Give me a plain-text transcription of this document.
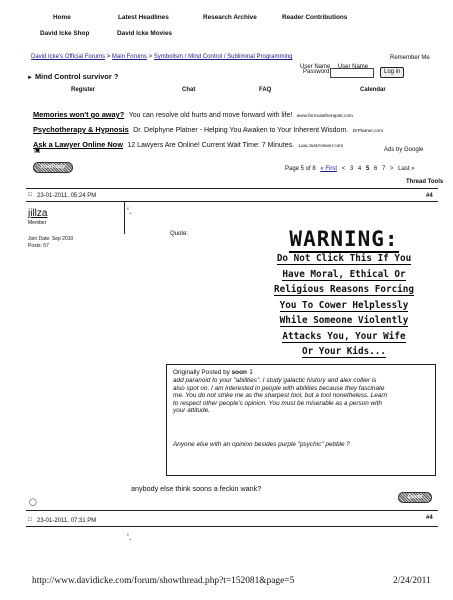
Home	Latest Headlines	Research Archive	Reader Contributions
David Icke Shop	David Icke Movies
David Icke's Official Forums > Main Forums > Symbolism / Mind Control / Subliminal Programming
► Mind Control survivor ?
User Name User Name
Remember Me
Password	Log in
Register	Chat	FAQ	Calendar
Memories won't go away? You can resolve old hurts and move forward with life! www.formulatherapist.com
Psychotherapy & Hypnosis Dr. Delphyne Platner - Helping You Awaken to Your Inherent Wisdom. DrPlatner.com
Ask a Lawyer Online Now 12 Lawyers Are Online! Current Wait Time: 7 Minutes. Law.JustAnswer.com
▣	Ads by Google
PostReply	Page 5 of 8 « First < 3 4 5 6 7 > Last »
Thread Tools
□ 23-01-2011, 05:24 PM	#4
jillza
Member
Join Date: Sep 2010
Posts: 57
‘.
Quote:	WARNING:
Do Not Click This If You
Have Moral, Ethical Or
Religious Reasons Forcing
You To Cower Helplessly
While Someone Violently
Attacks You, Your Wife
Or Your Kids...
Originally Posted by soon ↧
add paranoid to your "abilities". I study galactic history and alex collier is
also spot on. I am interested in people with abilities because they fascinate
me. You do not strike me as the sharpest tool, but a tool nonetheless. Learn
to respect other people's opinion. You must be miserable as a person with
your attitude.
Anyone else with an opinion besides purple "psychic" pebble ?
anybody else think soons a feckin wank?
◯
Quote
□ 23-01-2011, 07:31 PM	#4
‘.
http://www.davidicke.com/forum/showthread.php?t=152081&page=5	2/24/2011
